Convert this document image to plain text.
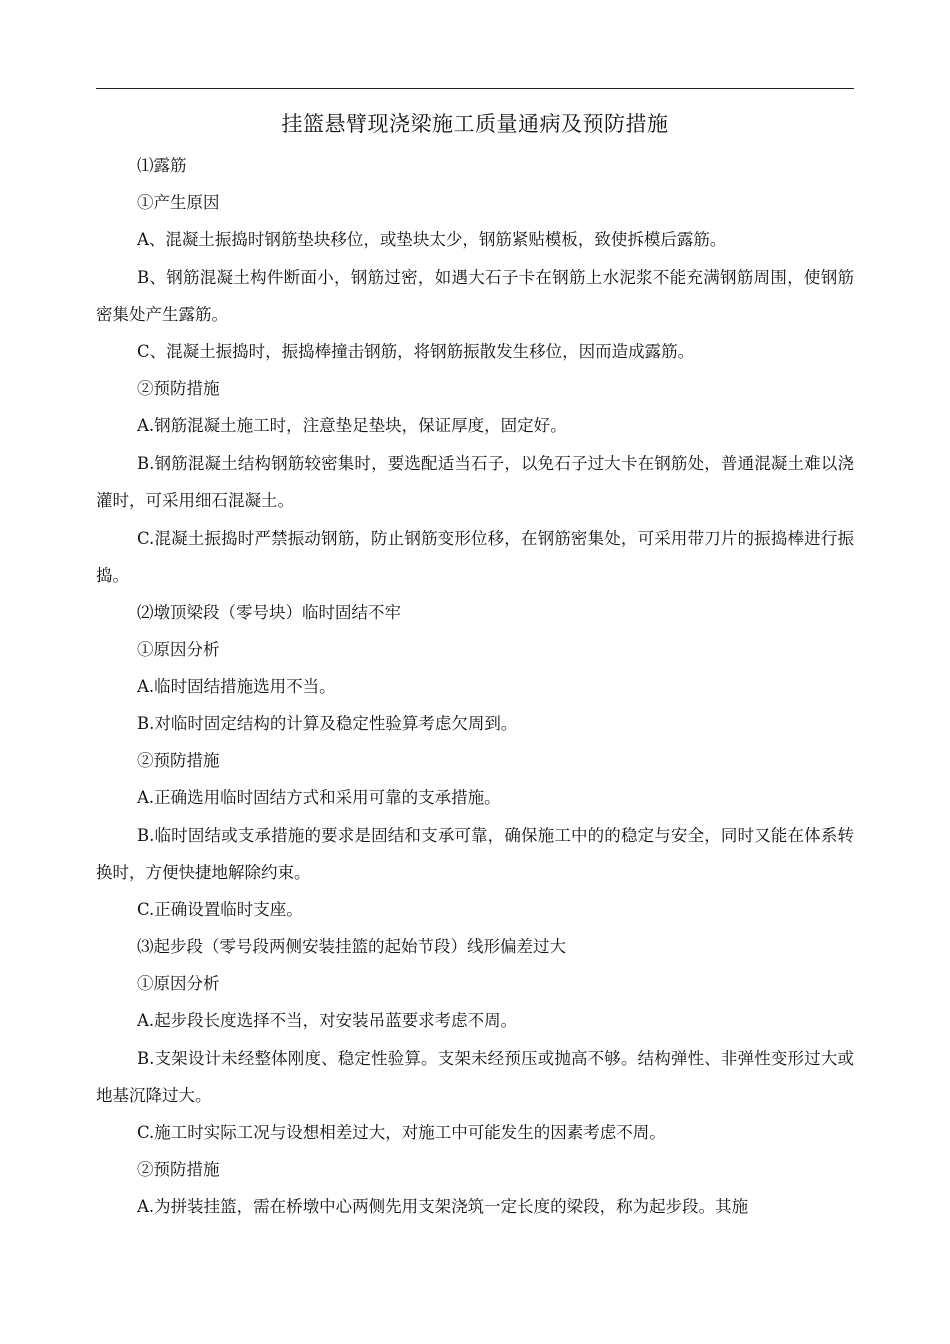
挂篮悬臂现浇梁施工质量通病及预防措施

⑴露筋

①产生原因

A、混凝土振捣时钢筋垫块移位，或垫块太少，钢筋紧贴模板，致使拆模后露筋。

B、钢筋混凝土构件断面小，钢筋过密，如遇大石子卡在钢筋上水泥浆不能充满钢筋周围，使钢筋密集处产生露筋。

C、混凝土振捣时，振捣棒撞击钢筋，将钢筋振散发生移位，因而造成露筋。

②预防措施

A.钢筋混凝土施工时，注意垫足垫块，保证厚度，固定好。

B.钢筋混凝土结构钢筋较密集时，要选配适当石子，以免石子过大卡在钢筋处，普通混凝土难以浇灌时，可采用细石混凝土。

C.混凝土振捣时严禁振动钢筋，防止钢筋变形位移，在钢筋密集处，可采用带刀片的振捣棒进行振捣。

⑵墩顶梁段（零号块）临时固结不牢

①原因分析

A.临时固结措施选用不当。

B.对临时固定结构的计算及稳定性验算考虑欠周到。

②预防措施

A.正确选用临时固结方式和采用可靠的支承措施。

B.临时固结或支承措施的要求是固结和支承可靠，确保施工中的的稳定与安全，同时又能在体系转换时，方便快捷地解除约束。

C.正确设置临时支座。

⑶起步段（零号段两侧安装挂篮的起始节段）线形偏差过大

①原因分析

A.起步段长度选择不当，对安装吊蓝要求考虑不周。

B.支架设计未经整体刚度、稳定性验算。支架未经预压或抛高不够。结构弹性、非弹性变形过大或地基沉降过大。

C.施工时实际工况与设想相差过大，对施工中可能发生的因素考虑不周。

②预防措施

A.为拼装挂篮，需在桥墩中心两侧先用支架浇筑一定长度的梁段，称为起步段。其施
